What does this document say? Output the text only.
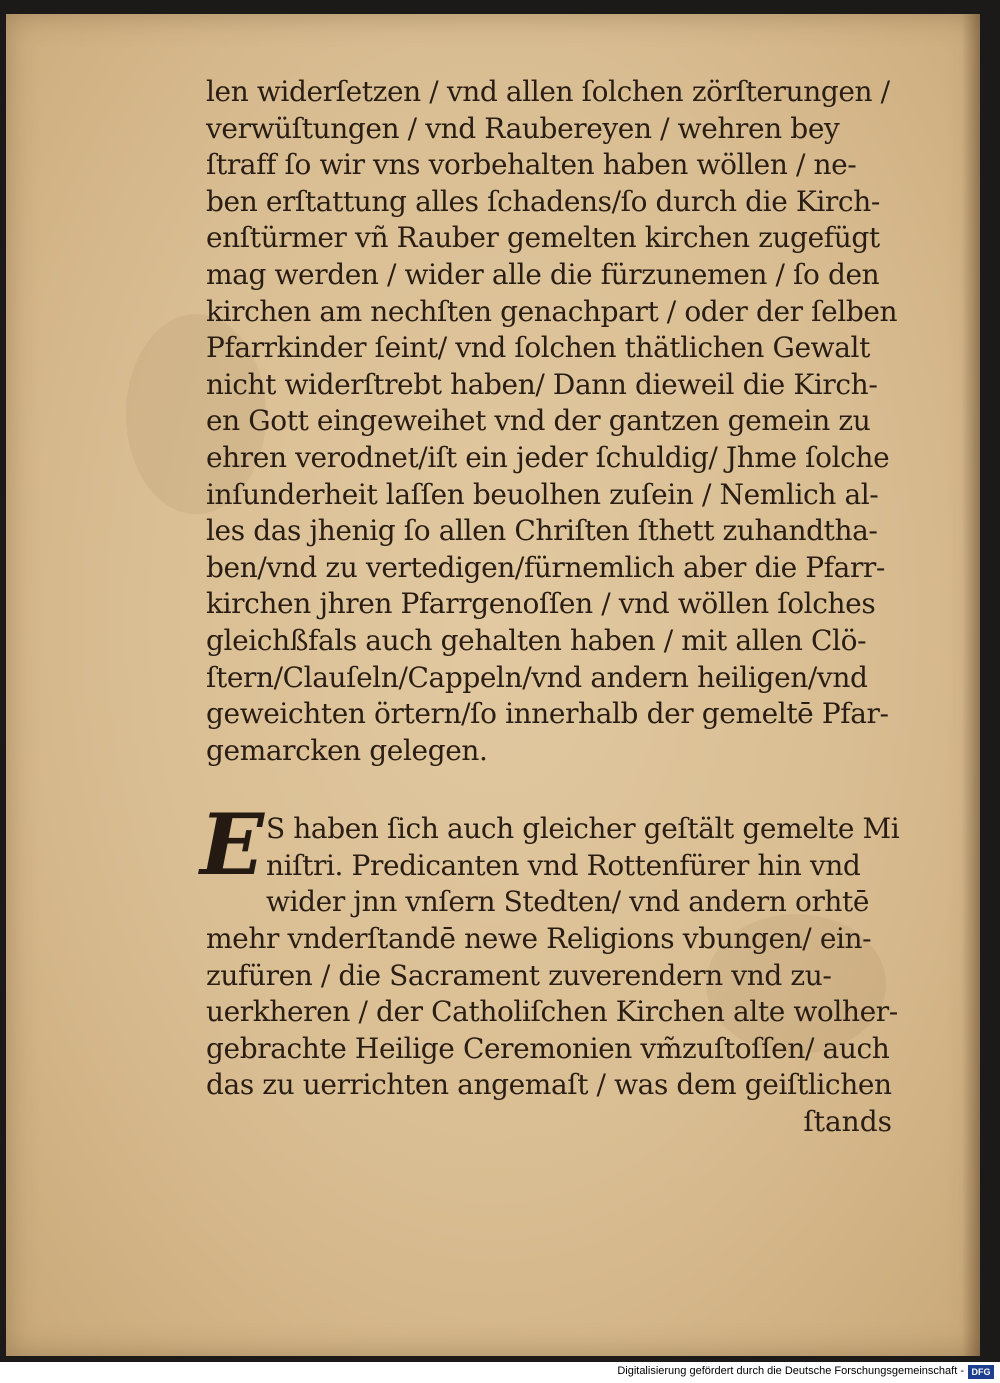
len widerſetzen / vnd allen ſolchen zörſterungen /
verwüſtungen / vnd Raubereyen / wehren bey
ſtraff ſo wir vns vorbehalten haben wöllen / ne-
ben erſtattung alles ſchadens/ſo durch die Kirch-
enſtürmer vñ Rauber gemelten kirchen zugefügt
mag werden / wider alle die fürzunemen / ſo den
kirchen am nechſten genachpart / oder der ſelben
Pfarrkinder ſeint/ vnd ſolchen thätlichen Gewalt
nicht widerſtrebt haben/ Dann dieweil die Kirch-
en Gott eingeweihet vnd der gantzen gemein zu
ehren verodnet/iſt ein jeder ſchuldig/ Jhme ſolche
inſunderheit laſſen beuolhen zuſein / Nemlich al-
les das jhenig ſo allen Chriſten ſthett zuhandtha-
ben/vnd zu vertedigen/fürnemlich aber die Pfarr-
kirchen jhren Pfarrgenoſſen / vnd wöllen ſolches
gleichßfals auch gehalten haben / mit allen Clö-
ſtern/Clauſeln/Cappeln/vnd andern heiligen/vnd
geweichten örtern/ſo innerhalb der gemeltē Pfar-
gemarcken gelegen.
E S haben ſich auch gleicher geſtält gemelte Mi
niſtri. Predicanten vnd Rottenfürer hin vnd
wider jnn vnſern Stedten/ vnd andern orhtē
mehr vnderſtandē newe Religions vbungen/ ein-
zufüren / die Sacrament zuverendern vnd zu-
uerkheren / der Catholiſchen Kirchen alte wolher-
gebrachte Heilige Ceremonien vm̃zuſtoſſen/ auch
das zu uerrichten angemaſt / was dem geiſtlichen
ſtands
Digitalisierung gefördert durch die Deutsche Forschungsgemeinschaft - DFG
